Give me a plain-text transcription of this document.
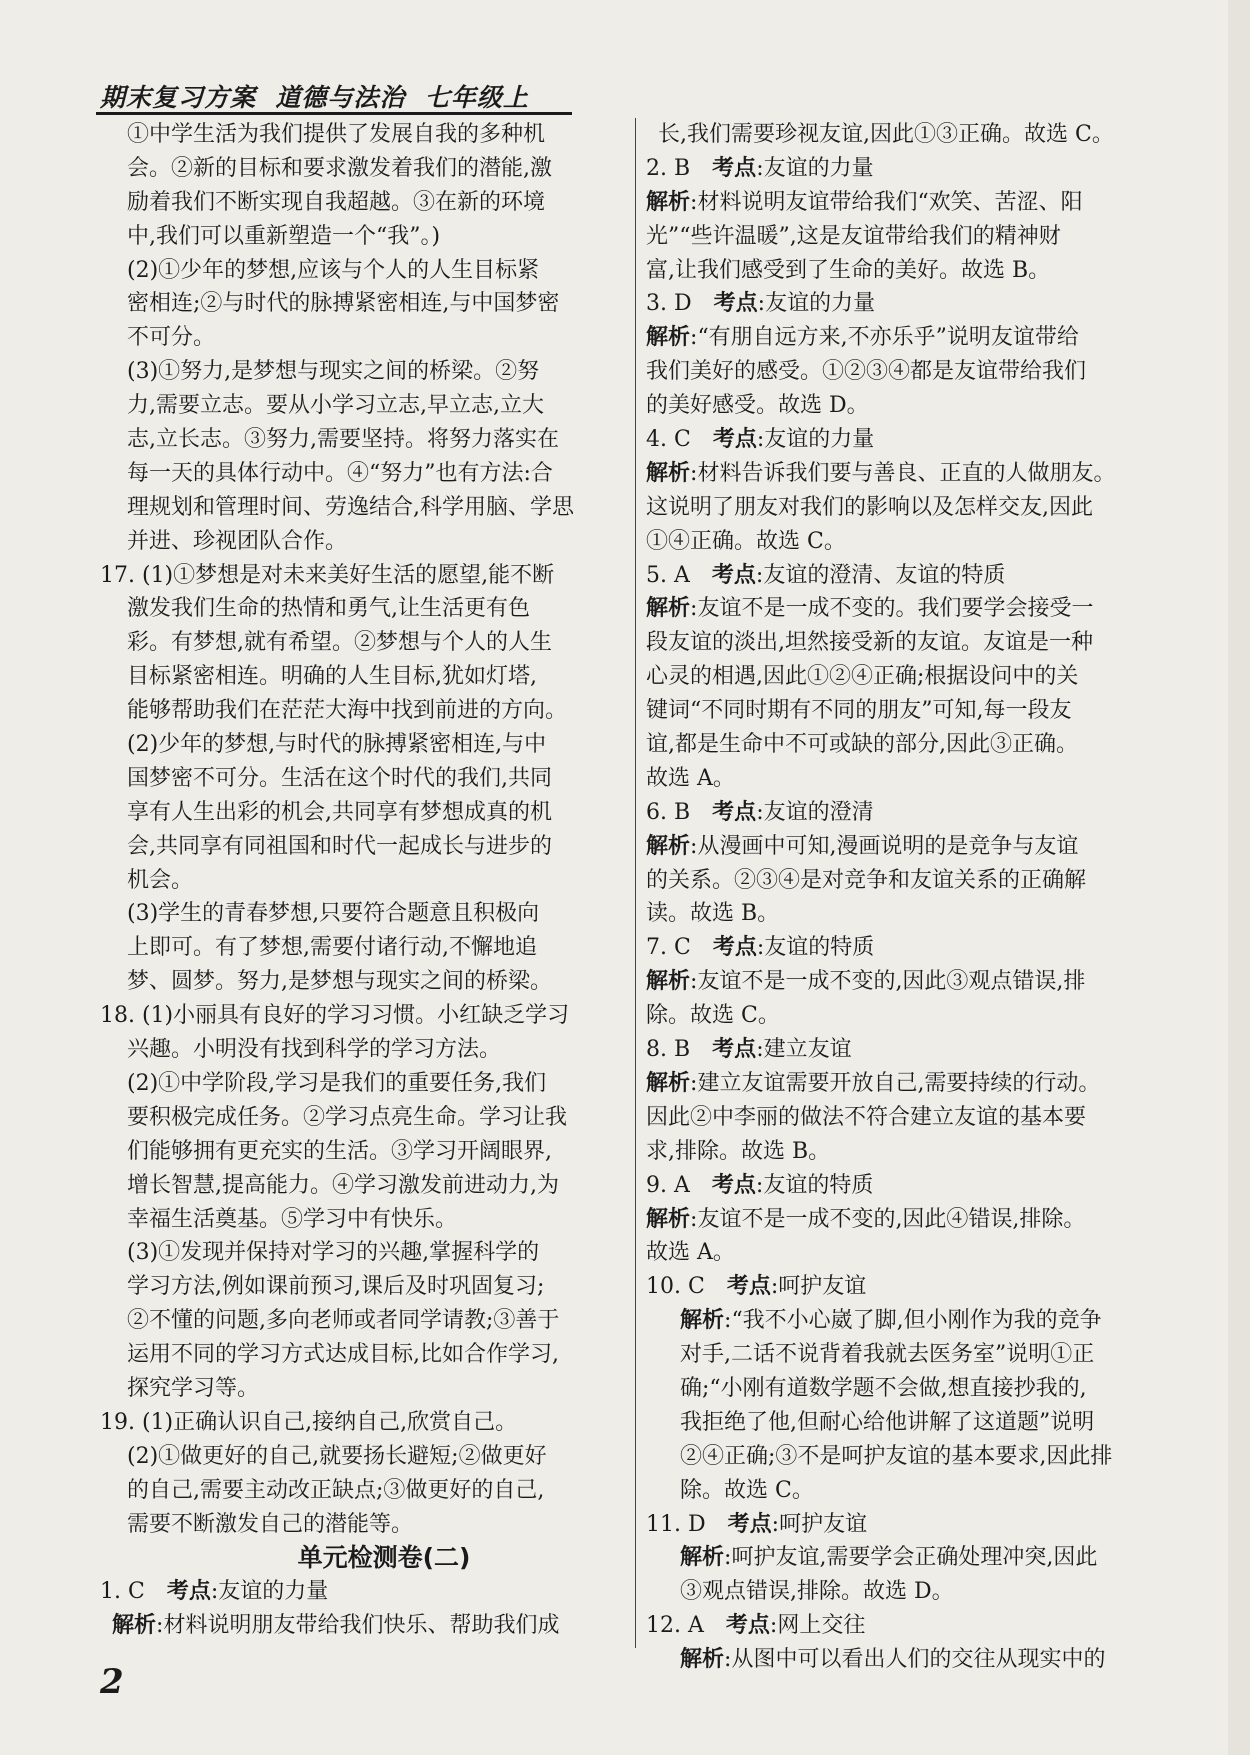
期末复习方案  道德与法治  七年级上
①中学生活为我们提供了发展自我的多种机
会。②新的目标和要求激发着我们的潜能,激
励着我们不断实现自我超越。③在新的环境
中,我们可以重新塑造一个“我”。)
(2)①少年的梦想,应该与个人的人生目标紧
密相连;②与时代的脉搏紧密相连,与中国梦密
不可分。
(3)①努力,是梦想与现实之间的桥梁。②努
力,需要立志。要从小学习立志,早立志,立大
志,立长志。③努力,需要坚持。将努力落实在
每一天的具体行动中。④“努力”也有方法:合
理规划和管理时间、劳逸结合,科学用脑、学思
并进、珍视团队合作。
17. (1)①梦想是对未来美好生活的愿望,能不断
激发我们生命的热情和勇气,让生活更有色
彩。有梦想,就有希望。②梦想与个人的人生
目标紧密相连。明确的人生目标,犹如灯塔,
能够帮助我们在茫茫大海中找到前进的方向。
(2)少年的梦想,与时代的脉搏紧密相连,与中
国梦密不可分。生活在这个时代的我们,共同
享有人生出彩的机会,共同享有梦想成真的机
会,共同享有同祖国和时代一起成长与进步的
机会。
(3)学生的青春梦想,只要符合题意且积极向
上即可。有了梦想,需要付诸行动,不懈地追
梦、圆梦。努力,是梦想与现实之间的桥梁。
18. (1)小丽具有良好的学习习惯。小红缺乏学习
兴趣。小明没有找到科学的学习方法。
(2)①中学阶段,学习是我们的重要任务,我们
要积极完成任务。②学习点亮生命。学习让我
们能够拥有更充实的生活。③学习开阔眼界,
增长智慧,提高能力。④学习激发前进动力,为
幸福生活奠基。⑤学习中有快乐。
(3)①发现并保持对学习的兴趣,掌握科学的
学习方法,例如课前预习,课后及时巩固复习;
②不懂的问题,多向老师或者同学请教;③善于
运用不同的学习方式达成目标,比如合作学习,
探究学习等。
19. (1)正确认识自己,接纳自己,欣赏自己。
(2)①做更好的自己,就要扬长避短;②做更好
的自己,需要主动改正缺点;③做更好的自己,
需要不断激发自己的潜能等。
单元检测卷(二)
1. C　 考点:友谊的力量
解析:材料说明朋友带给我们快乐、帮助我们成
长,我们需要珍视友谊,因此①③正确。故选 C。
2. B　 考点:友谊的力量
解析:材料说明友谊带给我们“欢笑、苦涩、阳
光”“些许温暖”,这是友谊带给我们的精神财
富,让我们感受到了生命的美好。故选 B。
3. D　 考点:友谊的力量
解析:“有朋自远方来,不亦乐乎”说明友谊带给
我们美好的感受。①②③④都是友谊带给我们
的美好感受。故选 D。
4. C　 考点:友谊的力量
解析:材料告诉我们要与善良、正直的人做朋友。
这说明了朋友对我们的影响以及怎样交友,因此
①④正确。故选 C。
5. A　 考点:友谊的澄清、友谊的特质
解析:友谊不是一成不变的。我们要学会接受一
段友谊的淡出,坦然接受新的友谊。友谊是一种
心灵的相遇,因此①②④正确;根据设问中的关
键词“不同时期有不同的朋友”可知,每一段友
谊,都是生命中不可或缺的部分,因此③正确。
故选 A。
6. B　 考点:友谊的澄清
解析:从漫画中可知,漫画说明的是竞争与友谊
的关系。②③④是对竞争和友谊关系的正确解
读。故选 B。
7. C　 考点:友谊的特质
解析:友谊不是一成不变的,因此③观点错误,排
除。故选 C。
8. B　 考点:建立友谊
解析:建立友谊需要开放自己,需要持续的行动。
因此②中李丽的做法不符合建立友谊的基本要
求,排除。故选 B。
9. A　 考点:友谊的特质
解析:友谊不是一成不变的,因此④错误,排除。
故选 A。
10. C　 考点:呵护友谊
解析:“我不小心崴了脚,但小刚作为我的竞争
对手,二话不说背着我就去医务室”说明①正
确;“小刚有道数学题不会做,想直接抄我的,
我拒绝了他,但耐心给他讲解了这道题”说明
②④正确;③不是呵护友谊的基本要求,因此排
除。故选 C。
11. D　 考点:呵护友谊
解析:呵护友谊,需要学会正确处理冲突,因此
③观点错误,排除。故选 D。
12. A　 考点:网上交往
解析:从图中可以看出人们的交往从现实中的
2
